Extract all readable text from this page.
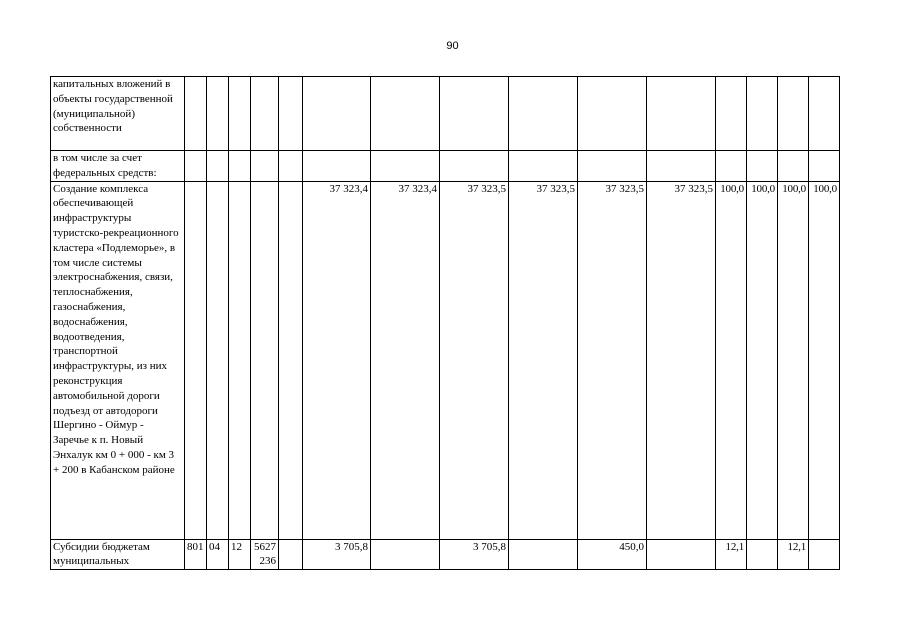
90
капитальных вложений в объекты государственной (муниципальной) собственности															
в том числе за счет федеральных средств:															
Создание комплекса обеспечивающей инфраструктуры туристско-рекреационного кластера «Подлеморье», в том числе системы электроснабжения, связи, теплоснабжения, газоснабжения, водоснабжения, водоотведения, транспортной инфраструктуры, из них реконструкция автомобильной дороги подъезд от автодороги Шергино - Оймур - Заречье к п. Новый Энхалук км 0 + 000 - км 3 + 200 в Кабанском районе						37 323,4	37 323,4	37 323,5	37 323,5	37 323,5	37 323,5	100,0	100,0	100,0	100,0
Субсидии бюджетам муниципальных	801	04	12	5627 236		3 705,8		3 705,8		450,0		12,1		12,1	
